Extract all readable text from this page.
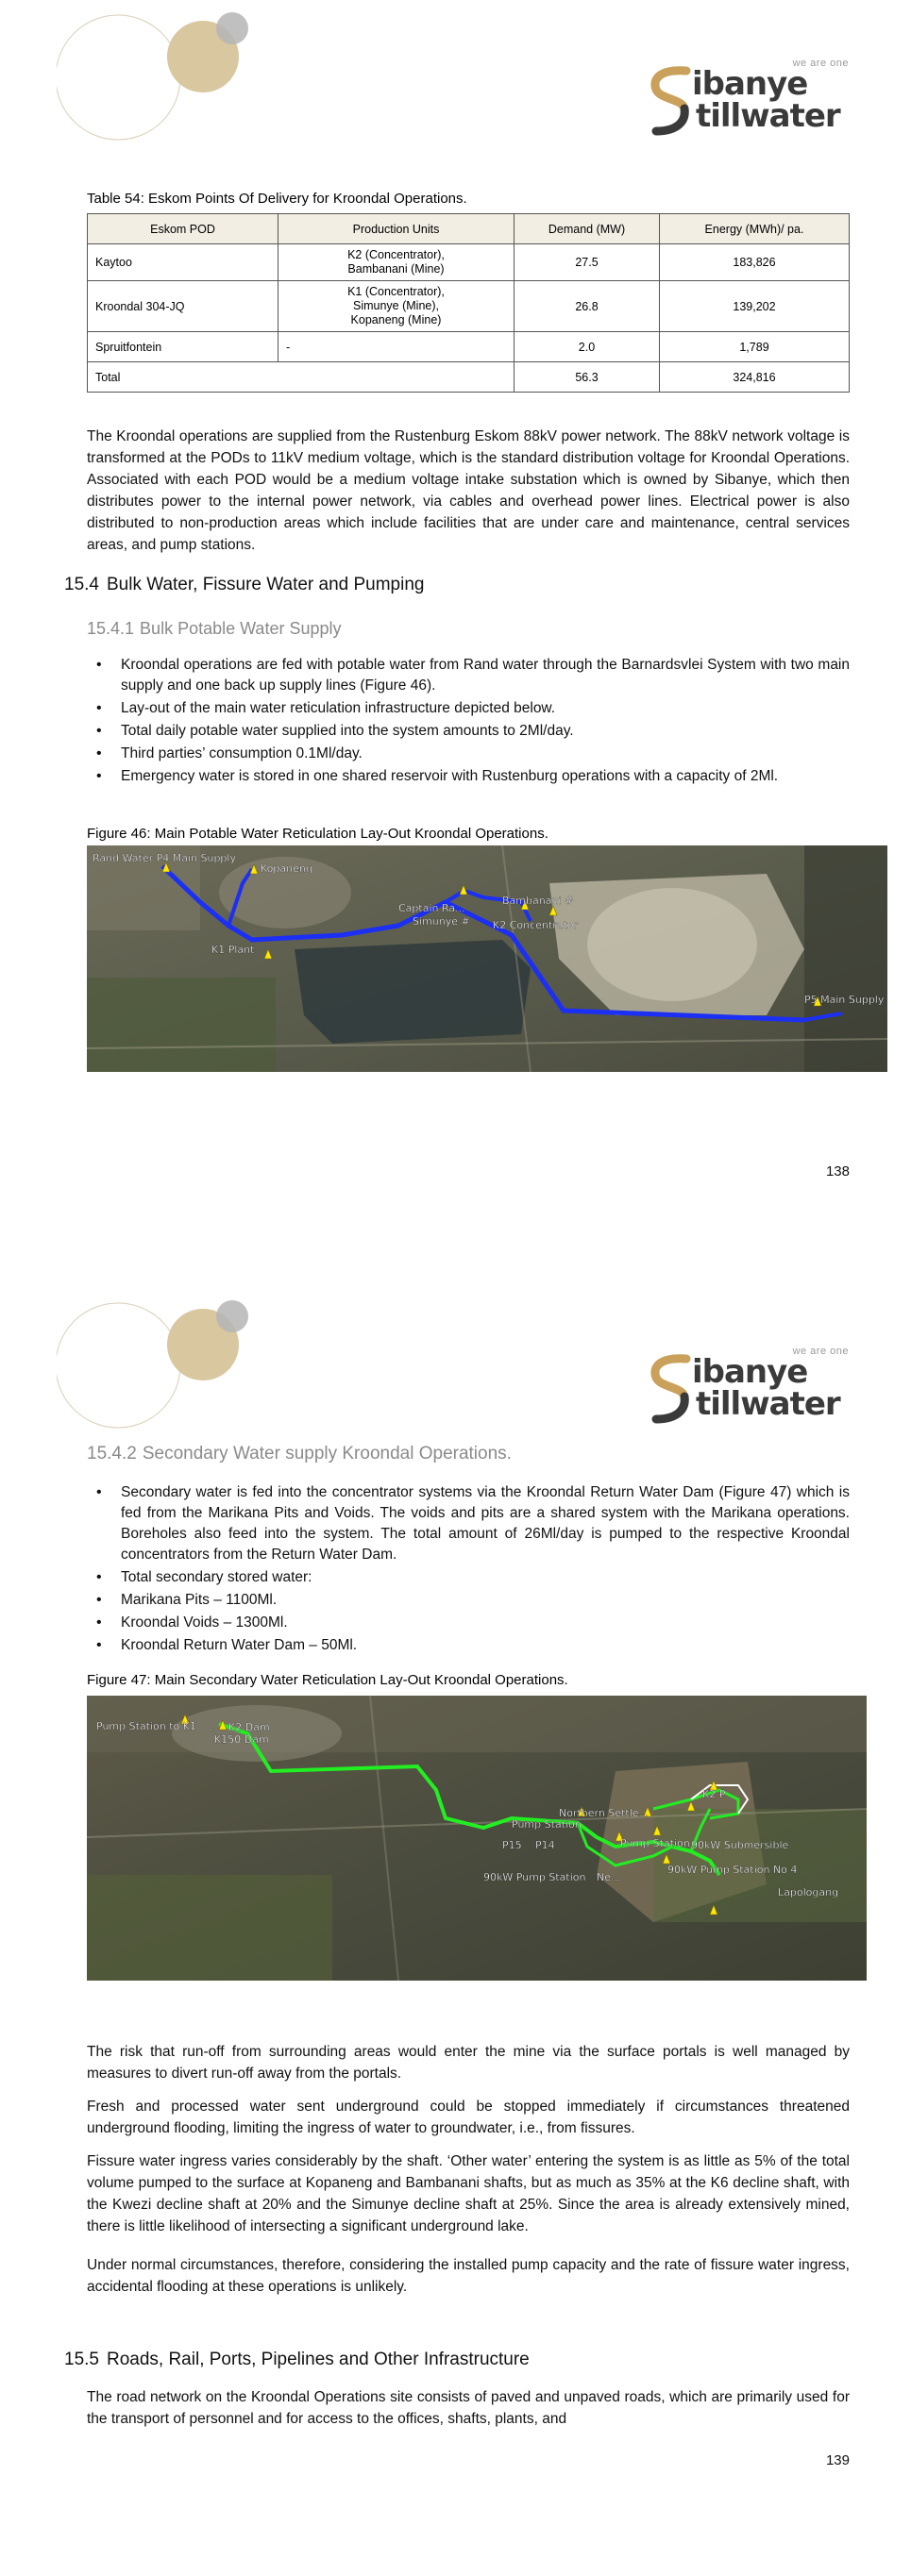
we are one
ibanye
tillwater
Table 54: Eskom Points Of Delivery for Kroondal Operations.
Eskom POD	Production Units	Demand (MW)	Energy (MWh)/ pa.
Kaytoo	K2 (Concentrator),
Bambanani (Mine)	27.5	183,826
Kroondal 304-JQ	K1 (Concentrator),
Simunye (Mine),
Kopaneng (Mine)	26.8	139,202
Spruitfontein	-	2.0	1,789
Total		56.3	324,816

The Kroondal operations are supplied from the Rustenburg Eskom 88kV power network. The 88kV network voltage is transformed at the PODs to 11kV medium voltage, which is the standard distribution voltage for Kroondal Operations. Associated with each POD would be a medium voltage intake substation which is owned by Sibanye, which then distributes power to the internal power network, via cables and overhead power lines. Electrical power is also distributed to non-production areas which include facilities that are under care and maintenance, central services areas, and pump stations.

15.4 Bulk Water, Fissure Water and Pumping
15.4.1 Bulk Potable Water Supply
• Kroondal operations are fed with potable water from Rand water through the Barnardsvlei System with two main supply and one back up supply lines (Figure 46).
• Lay-out of the main water reticulation infrastructure depicted below.
• Total daily potable water supplied into the system amounts to 2Ml/day.
• Third parties’ consumption 0.1Ml/day.
• Emergency water is stored in one shared reservoir with Rustenburg operations with a capacity of 2Ml.
Figure 46: Main Potable Water Reticulation Lay-Out Kroondal Operations.
Rand Water P4 Main Supply
Kopaneng
Captain Ra...
Simunye #
Bambanani #
K2 Concentrator
K1 Plant
P5 Main Supply
138
we are one
ibanye
tillwater
15.4.2 Secondary Water supply Kroondal Operations.
• Secondary water is fed into the concentrator systems via the Kroondal Return Water Dam (Figure 47) which is fed from the Marikana Pits and Voids. The voids and pits are a shared system with the Marikana operations. Boreholes also feed into the system. The total amount of 26Ml/day is pumped to the respective Kroondal concentrators from the Return Water Dam.
• Total secondary stored water:
• Marikana Pits – 1100Ml.
• Kroondal Voids – 1300Ml.
• Kroondal Return Water Dam – 50Ml.
Figure 47: Main Secondary Water Reticulation Lay-Out Kroondal Operations.
Pump Station to K1	K2 Dam
K150 Dam
Northern Settle...
Pump Station
P15 P14	Pump Station 90kW Submersible
90kW Pump Station Ne...
90kW Pump Station No 4
Lapologang
K2 P

The risk that run-off from surrounding areas would enter the mine via the surface portals is well managed by measures to divert run-off away from the portals.

Fresh and processed water sent underground could be stopped immediately if circumstances threatened underground flooding, limiting the ingress of water to groundwater, i.e., from fissures.

Fissure water ingress varies considerably by the shaft. ‘Other water’ entering the system is as little as 5% of the total volume pumped to the surface at Kopaneng and Bambanani shafts, but as much as 35% at the K6 decline shaft, with the Kwezi decline shaft at 20% and the Simunye decline shaft at 25%. Since the area is already extensively mined, there is little likelihood of intersecting a significant underground lake.

Under normal circumstances, therefore, considering the installed pump capacity and the rate of fissure water ingress, accidental flooding at these operations is unlikely.

15.5 Roads, Rail, Ports, Pipelines and Other Infrastructure

The road network on the Kroondal Operations site consists of paved and unpaved roads, which are primarily used for the transport of personnel and for access to the offices, shafts, plants, and

139
